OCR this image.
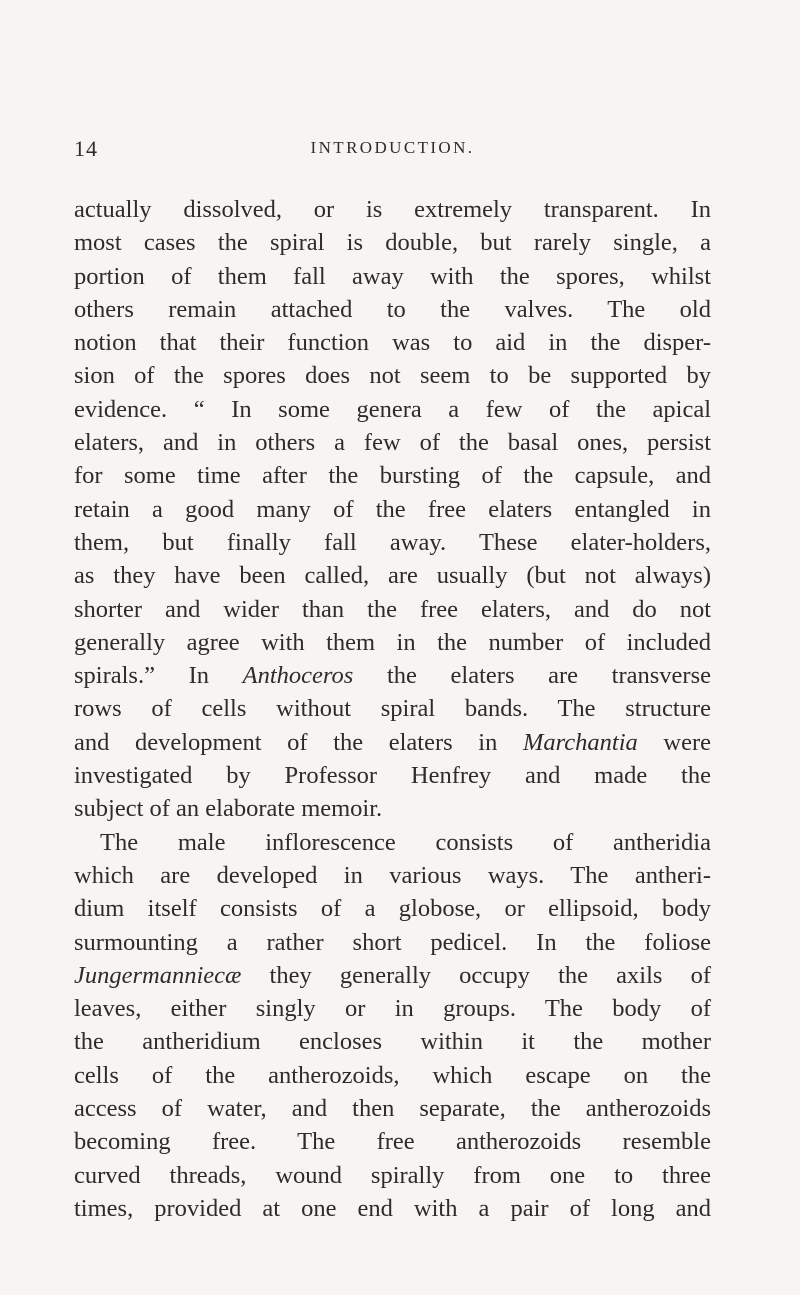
14	INTRODUCTION.
actually dissolved, or is extremely transparent. In
most cases the spiral is double, but rarely single, a
portion of them fall away with the spores, whilst
others remain attached to the valves. The old
notion that their function was to aid in the disper-
sion of the spores does not seem to be supported by
evidence. “ In some genera a few of the apical
elaters, and in others a few of the basal ones, persist
for some time after the bursting of the capsule, and
retain a good many of the free elaters entangled in
them, but finally fall away. These elater-holders,
as they have been called, are usually (but not always)
shorter and wider than the free elaters, and do not
generally agree with them in the number of included
spirals.” In Anthoceros the elaters are transverse
rows of cells without spiral bands. The structure
and development of the elaters in Marchantia were
investigated by Professor Henfrey and made the
subject of an elaborate memoir.
The male inflorescence consists of antheridia
which are developed in various ways. The antheri-
dium itself consists of a globose, or ellipsoid, body
surmounting a rather short pedicel. In the foliose
Jungermanniecæ they generally occupy the axils of
leaves, either singly or in groups. The body of
the antheridium encloses within it the mother
cells of the antherozoids, which escape on the
access of water, and then separate, the antherozoids
becoming free. The free antherozoids resemble
curved threads, wound spirally from one to three
times, provided at one end with a pair of long and
